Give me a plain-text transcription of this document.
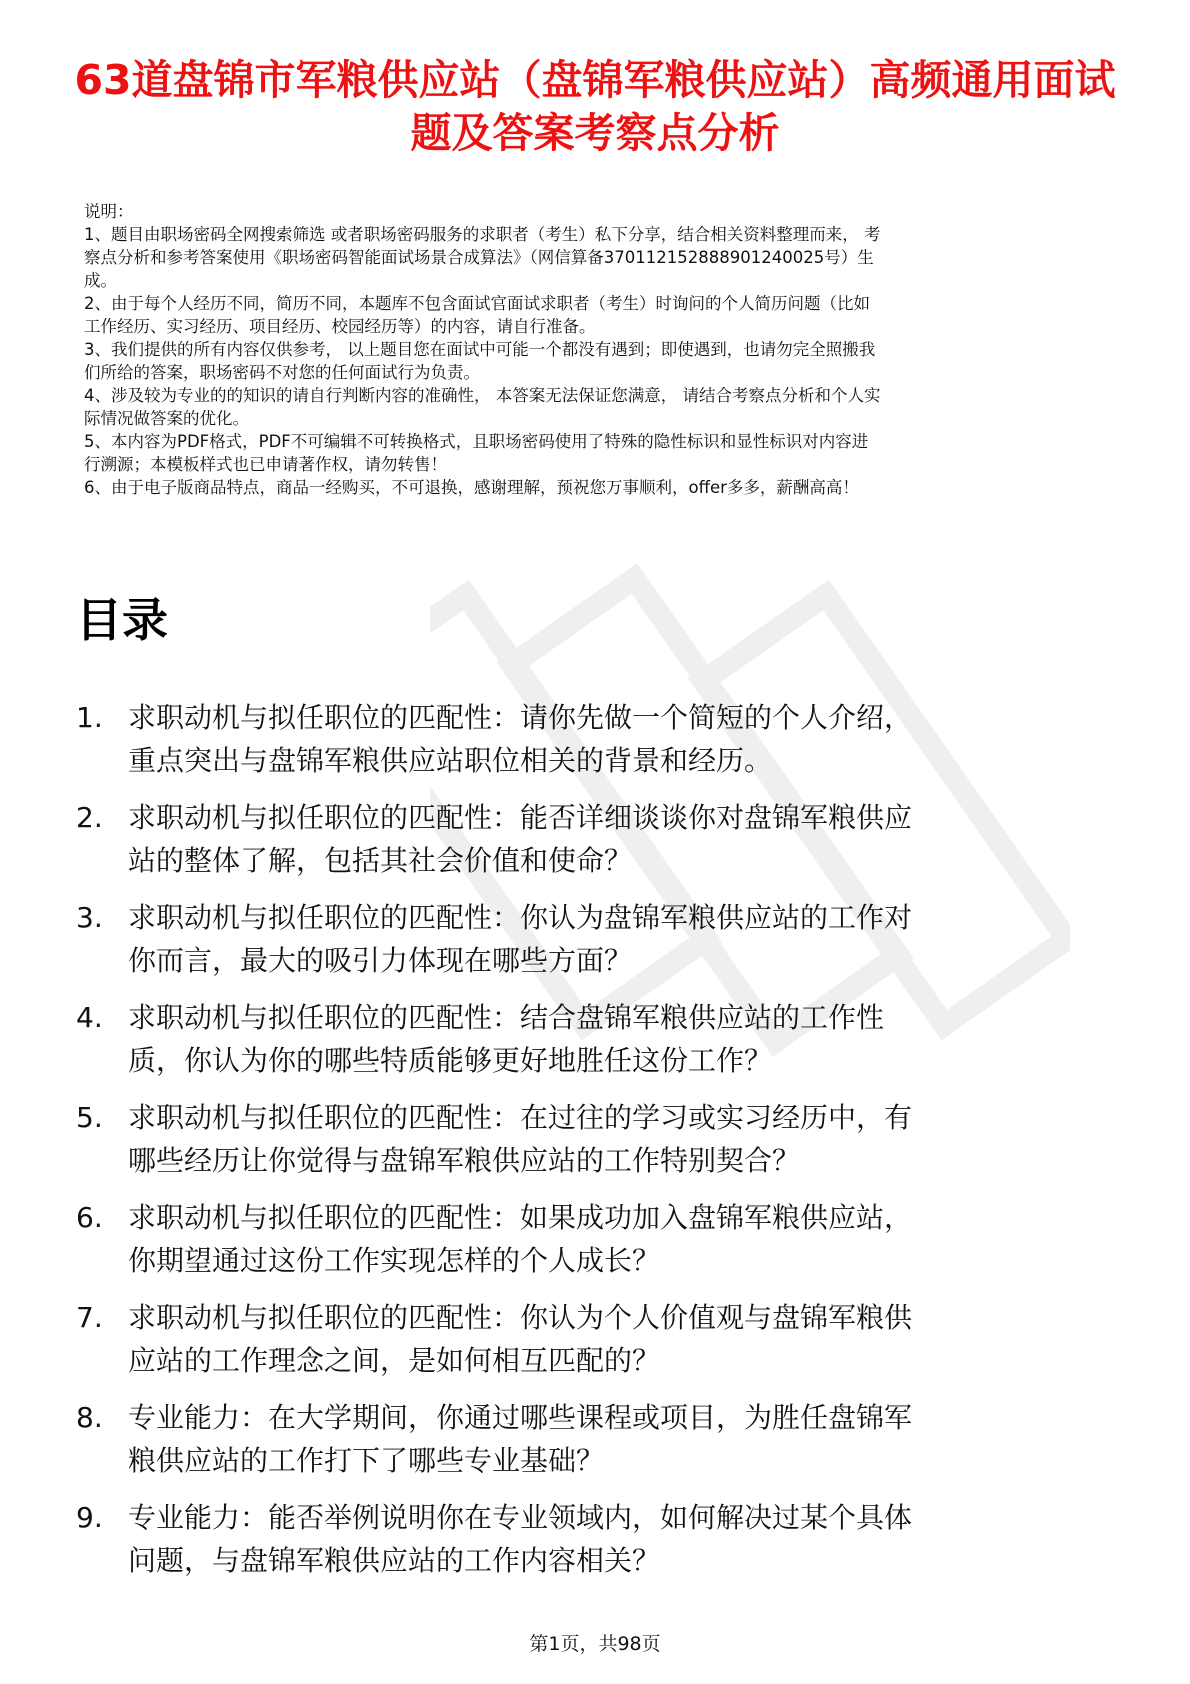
63道盘锦市军粮供应站（盘锦军粮供应站）高频通用面试题及答案考察点分析
说明：
1、题目由职场密码全网搜索筛选 或者职场密码服务的求职者（考生）私下分享，结合相关资料整理而来， 考
察点分析和参考答案使用《职场密码智能面试场景合成算法》（网信算备370112152888901240025号）生
成。
2、由于每个人经历不同，简历不同，本题库不包含面试官面试求职者（考生）时询问的个人简历问题（比如
工作经历、实习经历、项目经历、校园经历等）的内容，请自行准备。
3、我们提供的所有内容仅供参考， 以上题目您在面试中可能一个都没有遇到；即使遇到，也请勿完全照搬我
们所给的答案，职场密码不对您的任何面试行为负责。
4、涉及较为专业的的知识的请自行判断内容的准确性， 本答案无法保证您满意， 请结合考察点分析和个人实
际情况做答案的优化。
5、本内容为PDF格式，PDF不可编辑不可转换格式，且职场密码使用了特殊的隐性标识和显性标识对内容进
行溯源；本模板样式也已申请著作权，请勿转售！
6、由于电子版商品特点，商品一经购买，不可退换，感谢理解，预祝您万事顺利，offer多多，薪酬高高！
目录
1. 求职动机与拟任职位的匹配性：请你先做一个简短的个人介绍，
重点突出与盘锦军粮供应站职位相关的背景和经历。
2. 求职动机与拟任职位的匹配性：能否详细谈谈你对盘锦军粮供应
站的整体了解，包括其社会价值和使命？
3. 求职动机与拟任职位的匹配性：你认为盘锦军粮供应站的工作对
你而言，最大的吸引力体现在哪些方面？
4. 求职动机与拟任职位的匹配性：结合盘锦军粮供应站的工作性
质，你认为你的哪些特质能够更好地胜任这份工作？
5. 求职动机与拟任职位的匹配性：在过往的学习或实习经历中，有
哪些经历让你觉得与盘锦军粮供应站的工作特别契合？
6. 求职动机与拟任职位的匹配性：如果成功加入盘锦军粮供应站，
你期望通过这份工作实现怎样的个人成长？
7. 求职动机与拟任职位的匹配性：你认为个人价值观与盘锦军粮供
应站的工作理念之间，是如何相互匹配的？
8. 专业能力：在大学期间，你通过哪些课程或项目，为胜任盘锦军
粮供应站的工作打下了哪些专业基础？
9. 专业能力：能否举例说明你在专业领域内，如何解决过某个具体
问题，与盘锦军粮供应站的工作内容相关？
第1页，共98页
